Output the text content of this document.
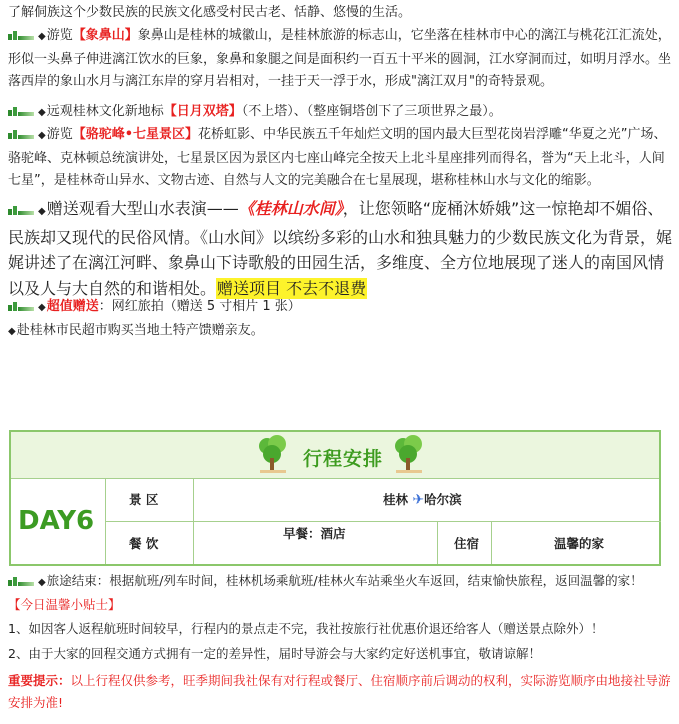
了解侗族这个少数民族的民族文化感受村民古老、恬静、悠慢的生活。
◆游览【象鼻山】象鼻山是桂林的城徽山，是桂林旅游的标志山，它坐落在桂林市中心的漓江与桃花江汇流处，形似一头鼻子伸进漓江饮水的巨象，象鼻和象腿之间是面积约一百五十平米的圆洞，江水穿洞而过，如明月浮水。坐落西岸的象山水月与漓江东岸的穿月岩相对，一挂于天一浮于水，形成"漓江双月"的奇特景观。
◆远观桂林文化新地标【日月双塔】（不上塔）、（整座铜塔创下了三项世界之最）。
◆游览【骆驼峰•七星景区】花桥虹影、中华民族五千年灿烂文明的国内最大巨型花岗岩浮雕“华夏之光”广场、骆驼峰、克林顿总统演讲处，七星景区因为景区内七座山峰完全按天上北斗星座排列而得名，誉为“天上北斗，人间七星”，是桂林奇山异水、文物古迹、自然与人文的完美融合在七星展现，堪称桂林山水与文化的缩影。
◆赠送观看大型山水表演——《桂林山水间》，让您领略“庞桶沐娇娥”这一惊艳却不媚俗、民族却又现代的民俗风情。《山水间》以缤纷多彩的山水和独具魅力的少数民族文化为背景，娓娓讲述了在漓江河畔、象鼻山下诗歌般的田园生活，多维度、全方位地展现了迷人的南国风情以及人与大自然的和谐相处。赠送项目 不去不退费
◆超值赠送：网红旅拍（赠送 5 寸相片 1 张）
◆赴桂林市民超市购买当地土特产馈赠亲友。
行程安排
DAY6
景 区	桂林 ✈哈尔滨
餐 饮
早餐：酒店
住宿	温馨的家
◆旅途结束：根据航班/列车时间，桂林机场乘航班/桂林火车站乘坐火车返回，结束愉快旅程，返回温馨的家！
【今日温馨小贴士】
1、如因客人返程航班时间较早，行程内的景点走不完，我社按旅行社优惠价退还给客人（赠送景点除外）！
2、由于大家的回程交通方式拥有一定的差异性，届时导游会与大家约定好送机事宜，敬请谅解！
重要提示：以上行程仅供参考，旺季期间我社保有对行程或餐厅、住宿顺序前后调动的权利，实际游览顺序由地接社导游安排为准!
